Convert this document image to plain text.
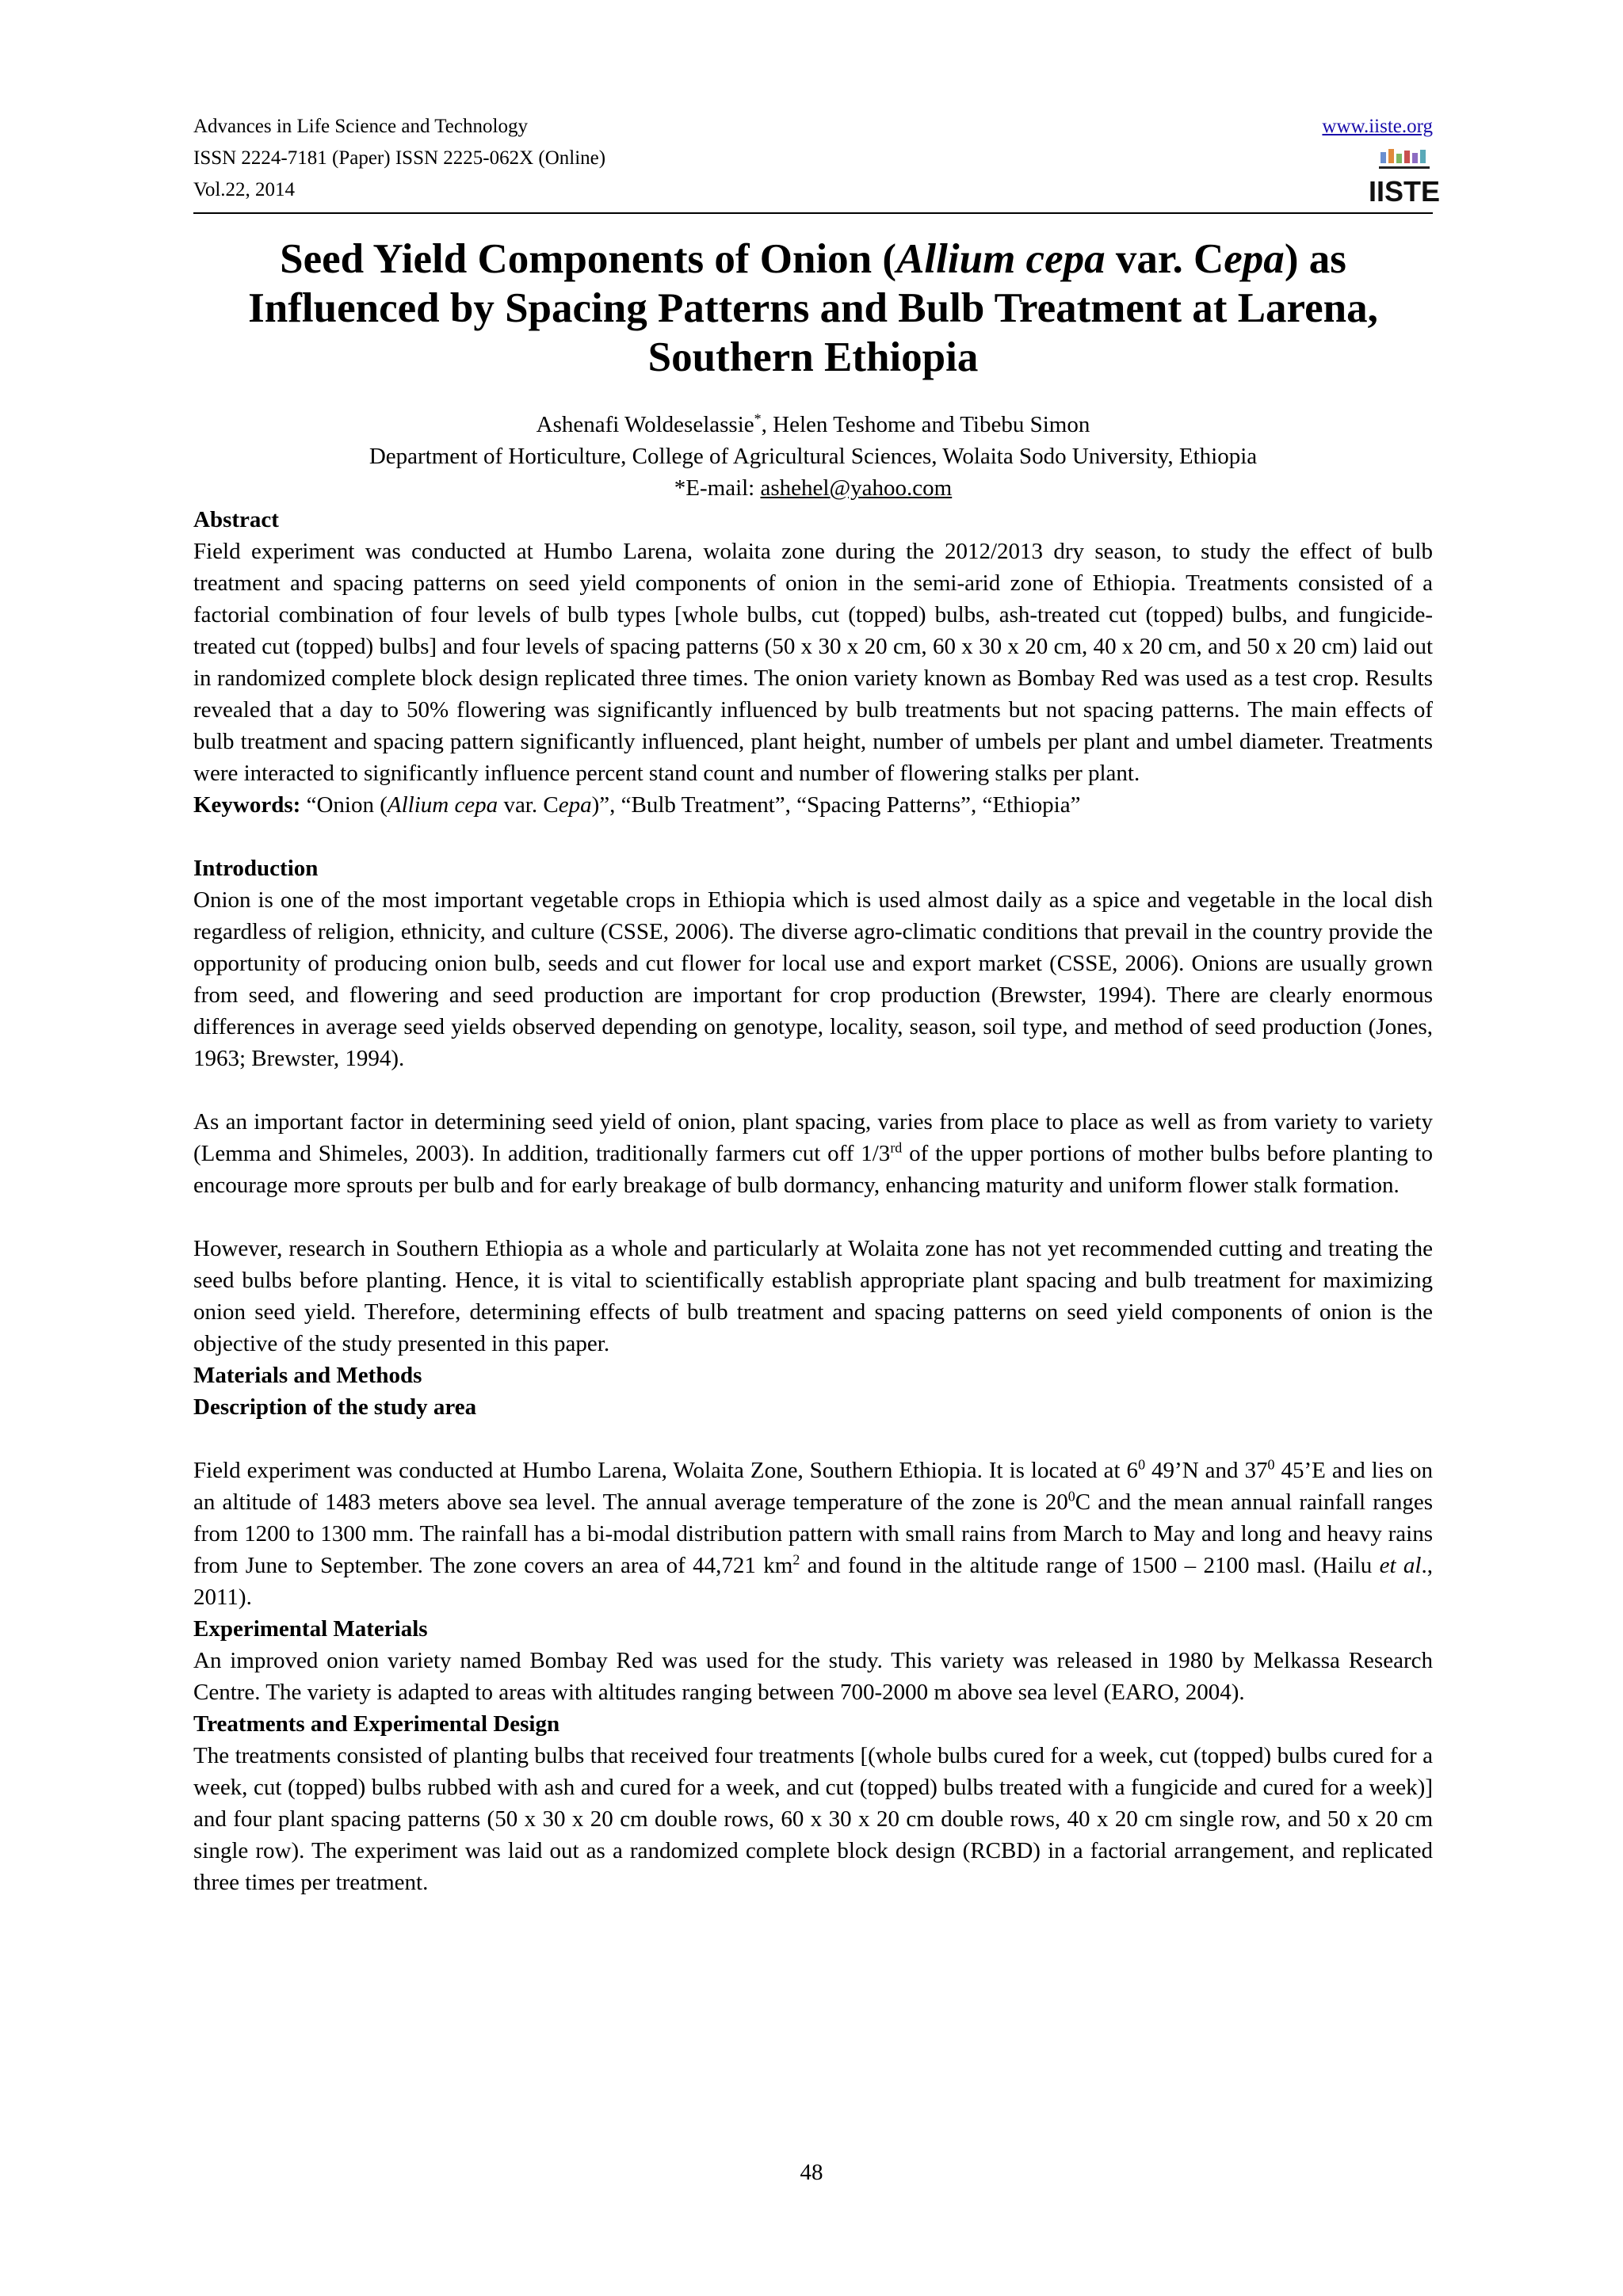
Advances in Life Science and Technology
ISSN 2224-7181 (Paper) ISSN 2225-062X (Online)
Vol.22, 2014
www.iiste.org
IISTE
Seed Yield Components of Onion (Allium cepa var. Cepa) as Influenced by Spacing Patterns and Bulb Treatment at Larena, Southern Ethiopia
Ashenafi Woldeselassie*, Helen Teshome and Tibebu Simon
Department of Horticulture, College of Agricultural Sciences, Wolaita Sodo University, Ethiopia
*E-mail: ashehel@yahoo.com
Abstract

Field experiment was conducted at Humbo Larena, wolaita zone during the 2012/2013 dry season, to study the effect of bulb treatment and spacing patterns on seed yield components of onion in the semi-arid zone of Ethiopia. Treatments consisted of a factorial combination of four levels of bulb types [whole bulbs, cut (topped) bulbs, ash-treated cut (topped) bulbs, and fungicide-treated cut (topped) bulbs] and four levels of spacing patterns (50 x 30 x 20 cm, 60 x 30 x 20 cm, 40 x 20 cm, and 50 x 20 cm) laid out in randomized complete block design replicated three times. The onion variety known as Bombay Red was used as a test crop. Results revealed that a day to 50% flowering was significantly influenced by bulb treatments but not spacing patterns. The main effects of bulb treatment and spacing pattern significantly influenced, plant height, number of umbels per plant and umbel diameter. Treatments were interacted to significantly influence percent stand count and number of flowering stalks per plant.

Keywords: “Onion (Allium cepa var. Cepa)”, “Bulb Treatment”, “Spacing Patterns”, “Ethiopia”

Introduction

Onion is one of the most important vegetable crops in Ethiopia which is used almost daily as a spice and vegetable in the local dish regardless of religion, ethnicity, and culture (CSSE, 2006). The diverse agro-climatic conditions that prevail in the country provide the opportunity of producing onion bulb, seeds and cut flower for local use and export market (CSSE, 2006). Onions are usually grown from seed, and flowering and seed production are important for crop production (Brewster, 1994). There are clearly enormous differences in average seed yields observed depending on genotype, locality, season, soil type, and method of seed production (Jones, 1963; Brewster, 1994).

As an important factor in determining seed yield of onion, plant spacing, varies from place to place as well as from variety to variety (Lemma and Shimeles, 2003). In addition, traditionally farmers cut off 1/3rd of the upper portions of mother bulbs before planting to encourage more sprouts per bulb and for early breakage of bulb dormancy, enhancing maturity and uniform flower stalk formation.

However, research in Southern Ethiopia as a whole and particularly at Wolaita zone has not yet recommended cutting and treating the seed bulbs before planting. Hence, it is vital to scientifically establish appropriate plant spacing and bulb treatment for maximizing onion seed yield. Therefore, determining effects of bulb treatment and spacing patterns on seed yield components of onion is the objective of the study presented in this paper.

Materials and Methods
Description of the study area

Field experiment was conducted at Humbo Larena, Wolaita Zone, Southern Ethiopia. It is located at $6^0$ 49’N and $37^0$ 45’E and lies on an altitude of 1483 meters above sea level. The annual average temperature of the zone is $20^0C$ and the mean annual rainfall ranges from 1200 to 1300 mm. The rainfall has a bi-modal distribution pattern with small rains from March to May and long and heavy rains from June to September. The zone covers an area of 44,721 $km^2$ and found in the altitude range of 1500 – 2100 masl. (Hailu et al., 2011).

Experimental Materials

An improved onion variety named Bombay Red was used for the study. This variety was released in 1980 by Melkassa Research Centre. The variety is adapted to areas with altitudes ranging between 700-2000 m above sea level (EARO, 2004).

Treatments and Experimental Design

The treatments consisted of planting bulbs that received four treatments [(whole bulbs cured for a week, cut (topped) bulbs cured for a week, cut (topped) bulbs rubbed with ash and cured for a week, and cut (topped) bulbs treated with a fungicide and cured for a week)] and four plant spacing patterns (50 x 30 x 20 cm double rows, 60 x 30 x 20 cm double rows, 40 x 20 cm single row, and 50 x 20 cm single row). The experiment was laid out as a randomized complete block design (RCBD) in a factorial arrangement, and replicated three times per treatment.

48
